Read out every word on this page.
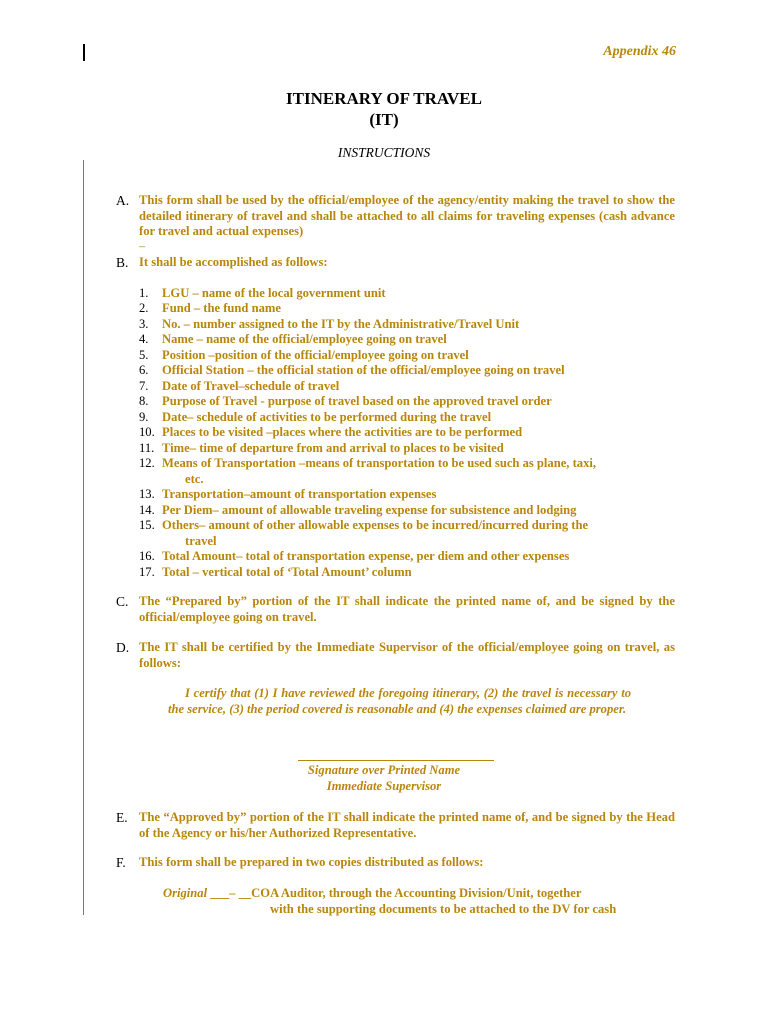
Appendix 46
ITINERARY OF TRAVEL
(IT)
INSTRUCTIONS
A. This form shall be used by the official/employee of the agency/entity making the travel to show the detailed itinerary of travel and shall be attached to all claims for traveling expenses (cash advance for travel and actual expenses)
–
B. It shall be accomplished as follows:
1.	LGU – name of the local government unit
2.	Fund – the fund name
3.	No. – number assigned to the IT by the Administrative/Travel Unit
4.	Name – name of the official/employee going on travel
5.	Position –position of the official/employee going on travel
6.	Official Station – the official station of the official/employee going on travel
7.	Date of Travel–schedule of travel
8.	Purpose of Travel - purpose of travel based on the approved travel order
9.	Date– schedule of activities to be performed during the travel
10. Places to be visited –places where the activities are to be performed
11. Time– time of departure from and arrival to places to be visited
12. Means of Transportation –means of transportation to be used such as plane, taxi,
etc.
13. Transportation–amount of transportation expenses
14. Per Diem– amount of allowable traveling expense for subsistence and lodging
15. Others– amount of other allowable expenses to be incurred/incurred during the
travel
16. Total Amount– total of transportation expense, per diem and other expenses
17. Total – vertical total of ‘Total Amount’ column
C. The “Prepared by” portion of the IT shall indicate the printed name of, and be signed by the official/employee going on travel.
D. The IT shall be certified by the Immediate Supervisor of the official/employee going on travel, as follows:
I certify that (1) I have reviewed the foregoing itinerary, (2) the travel is necessary to the service, (3) the period covered is reasonable and (4) the expenses claimed are proper.
Signature over Printed Name
Immediate Supervisor
E. The “Approved by” portion of the IT shall indicate the printed name of, and be signed by the Head of the Agency or his/her Authorized Representative.
F. This form shall be prepared in two copies distributed as follows:
Original ___– __COA Auditor, through the Accounting Division/Unit, together
with the supporting documents to be attached to the DV for cash
